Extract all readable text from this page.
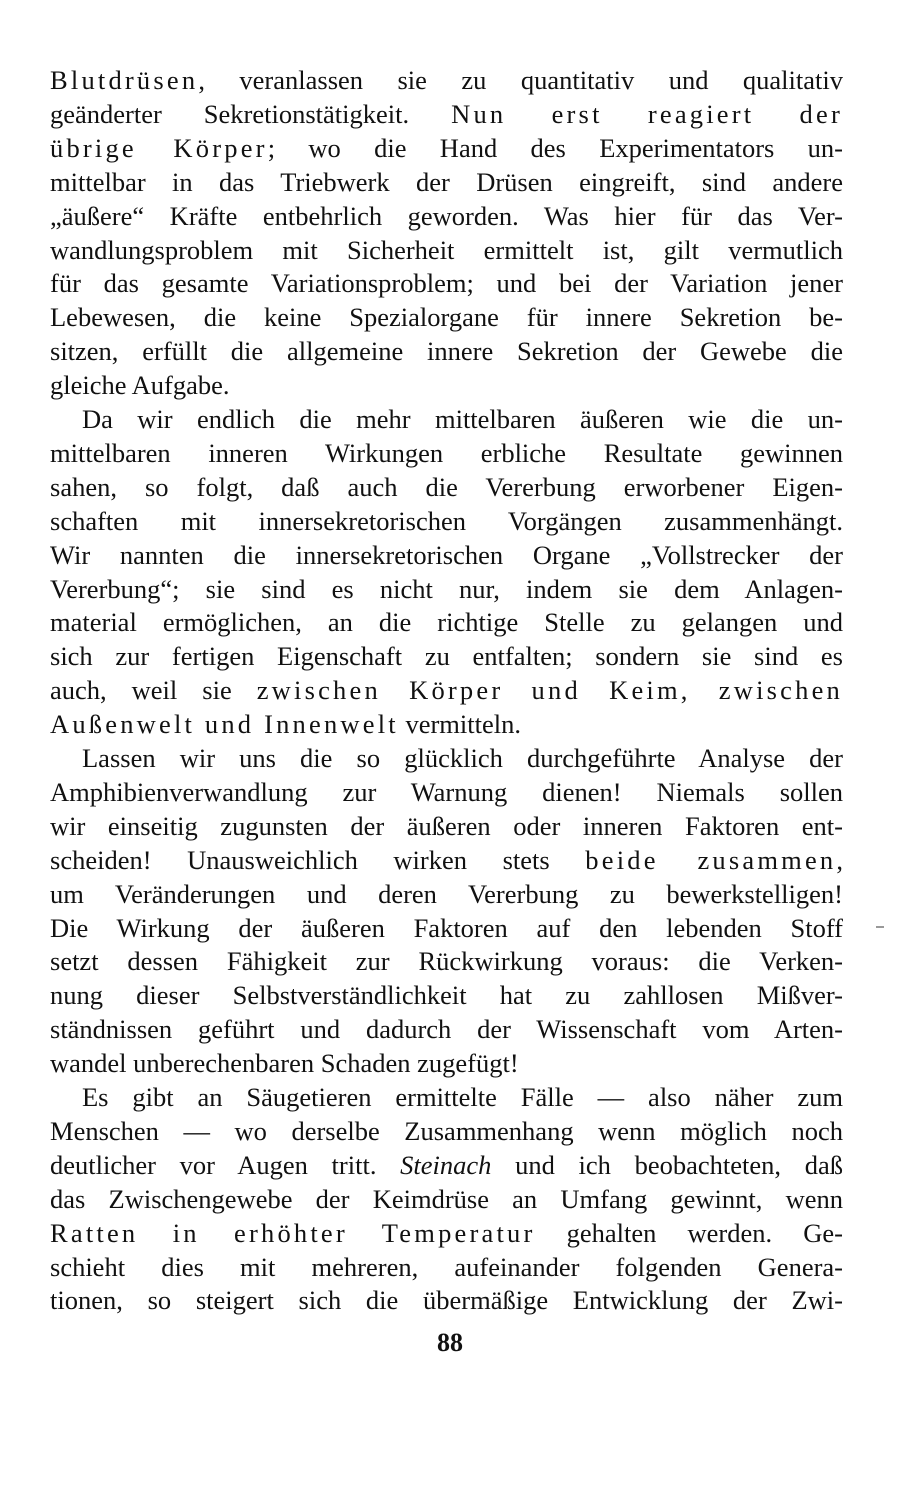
Blutdrüsen, veranlassen sie zu quantitativ und qualitativ
geänderter Sekretionstätigkeit. Nun erst reagiert der
übrige Körper; wo die Hand des Experimentators un-
mittelbar in das Triebwerk der Drüsen eingreift, sind andere
„äußere“ Kräfte entbehrlich geworden. Was hier für das Ver-
wandlungsproblem mit Sicherheit ermittelt ist, gilt vermutlich
für das gesamte Variationsproblem; und bei der Variation jener
Lebewesen, die keine Spezialorgane für innere Sekretion be-
sitzen, erfüllt die allgemeine innere Sekretion der Gewebe die
gleiche Aufgabe.
Da wir endlich die mehr mittelbaren äußeren wie die un-
mittelbaren inneren Wirkungen erbliche Resultate gewinnen
sahen, so folgt, daß auch die Vererbung erworbener Eigen-
schaften mit innersekretorischen Vorgängen zusammenhängt.
Wir nannten die innersekretorischen Organe „Vollstrecker der
Vererbung“; sie sind es nicht nur, indem sie dem Anlagen-
material ermöglichen, an die richtige Stelle zu gelangen und
sich zur fertigen Eigenschaft zu entfalten; sondern sie sind es
auch, weil sie zwischen Körper und Keim, zwischen
Außenwelt und Innenwelt vermitteln.
Lassen wir uns die so glücklich durchgeführte Analyse der
Amphibienverwandlung zur Warnung dienen! Niemals sollen
wir einseitig zugunsten der äußeren oder inneren Faktoren ent-
scheiden! Unausweichlich wirken stets beide zusammen,
um Veränderungen und deren Vererbung zu bewerkstelligen!
Die Wirkung der äußeren Faktoren auf den lebenden Stoff
setzt dessen Fähigkeit zur Rückwirkung voraus: die Verken-
nung dieser Selbstverständlichkeit hat zu zahllosen Mißver-
ständnissen geführt und dadurch der Wissenschaft vom Arten-
wandel unberechenbaren Schaden zugefügt!
Es gibt an Säugetieren ermittelte Fälle — also näher zum
Menschen — wo derselbe Zusammenhang wenn möglich noch
deutlicher vor Augen tritt. Steinach und ich beobachteten, daß
das Zwischengewebe der Keimdrüse an Umfang gewinnt, wenn
Ratten in erhöhter Temperatur gehalten werden. Ge-
schieht dies mit mehreren, aufeinander folgenden Genera-
tionen, so steigert sich die übermäßige Entwicklung der Zwi-
88
